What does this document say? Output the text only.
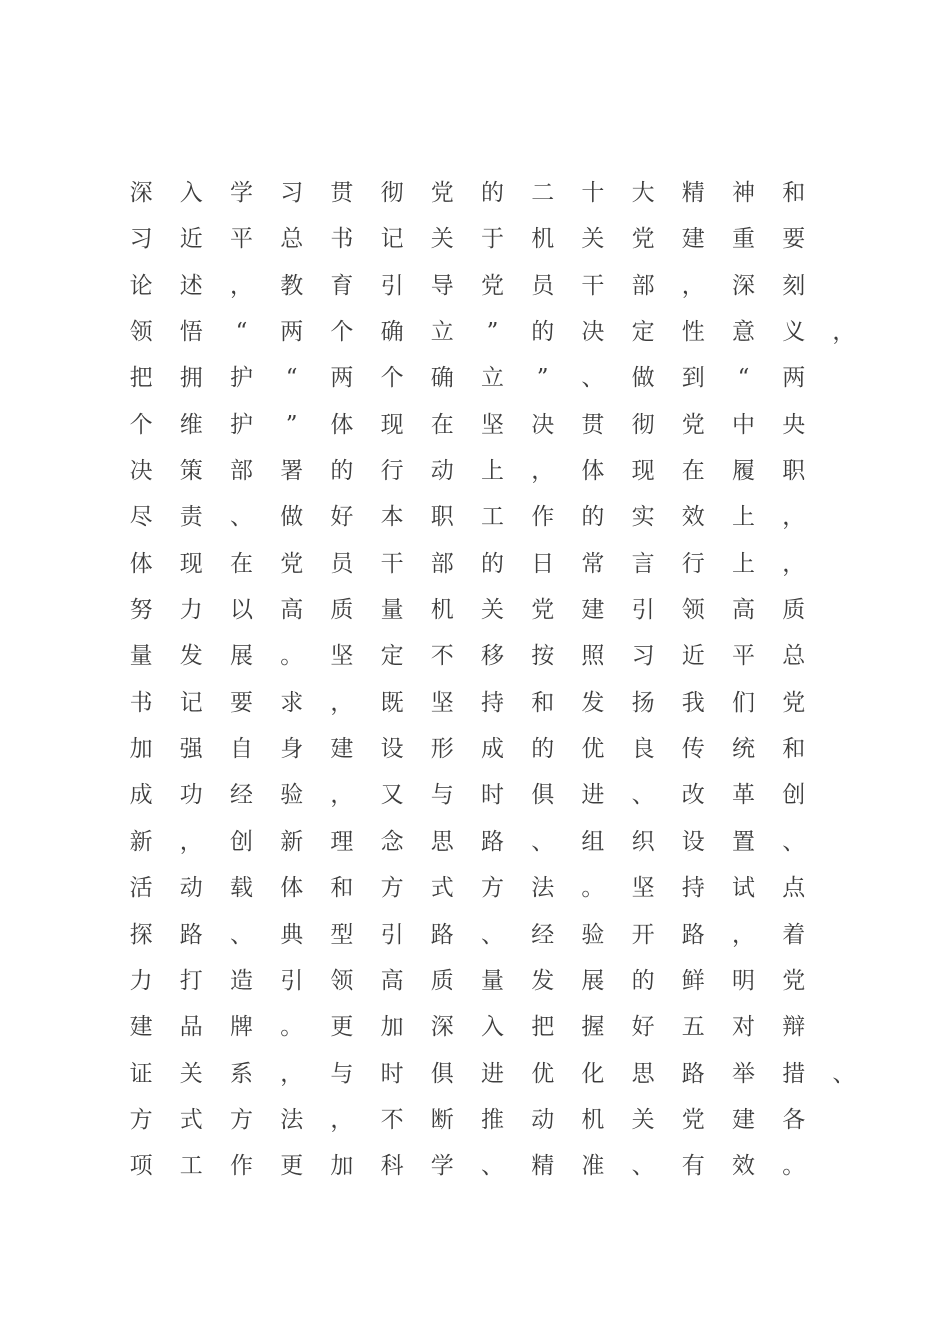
深	入	学	习	贯	彻	党	的	二	十	大	精	神	和
习	近	平	总	书	记	关	于	机	关	党	建	重	要
论	述	，	教	育	引	导	党	员	干	部	，	深	刻
领	悟	“	两	个	确	立	”	的	决	定	性	意	义	，
把	拥	护	“	两	个	确	立	”	、	做	到	“	两
个	维	护	”	体	现	在	坚	决	贯	彻	党	中	央
决	策	部	署	的	行	动	上	，	体	现	在	履	职
尽	责	、	做	好	本	职	工	作	的	实	效	上	，
体	现	在	党	员	干	部	的	日	常	言	行	上	，
努	力	以	高	质	量	机	关	党	建	引	领	高	质
量	发	展	。	坚	定	不	移	按	照	习	近	平	总
书	记	要	求	，	既	坚	持	和	发	扬	我	们	党
加	强	自	身	建	设	形	成	的	优	良	传	统	和
成	功	经	验	，	又	与	时	俱	进	、	改	革	创
新	，	创	新	理	念	思	路	、	组	织	设	置	、
活	动	载	体	和	方	式	方	法	。	坚	持	试	点
探	路	、	典	型	引	路	、	经	验	开	路	，	着
力	打	造	引	领	高	质	量	发	展	的	鲜	明	党
建	品	牌	。	更	加	深	入	把	握	好	五	对	辩
证	关	系	，	与	时	俱	进	优	化	思	路	举	措	、
方	式	方	法	，	不	断	推	动	机	关	党	建	各
项	工	作	更	加	科	学	、	精	准	、	有	效	。
